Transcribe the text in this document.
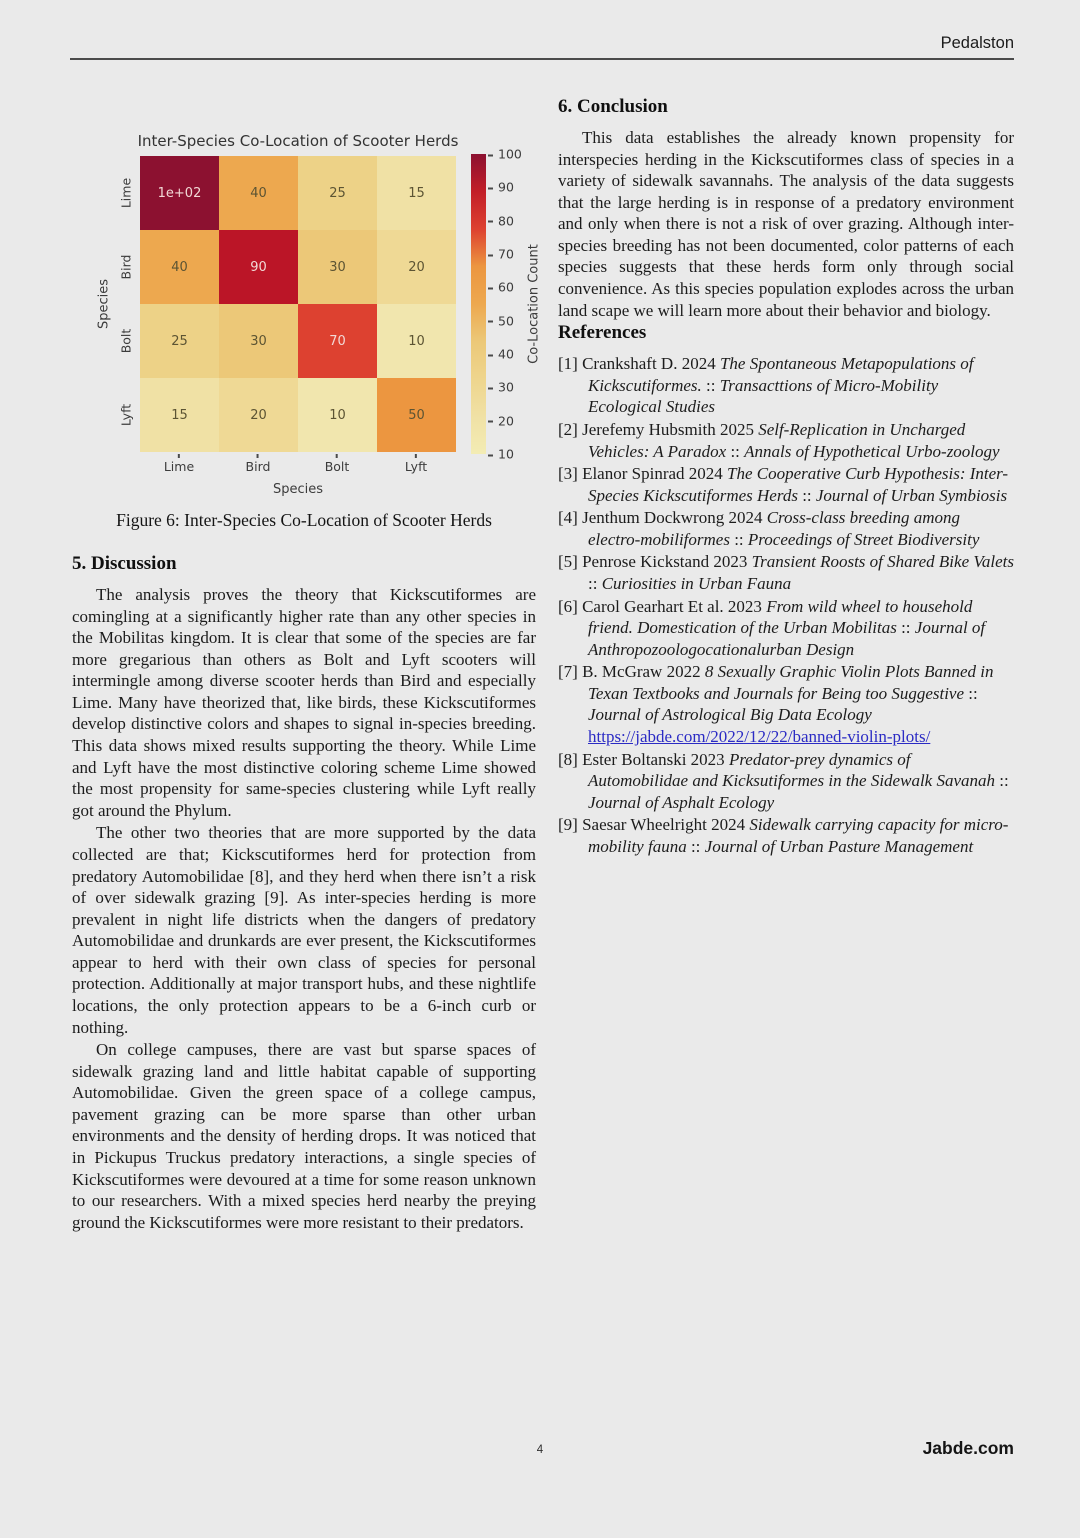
Pedalston
Inter-Species Co-Location of Scooter Herds
Species
1e+02	40	25	15
40	90	30	20
25	30	70	10
15	20	10	50
Co-Location Count
Species
Lime
Lime
Bird
Bird
Bolt
Bolt
Lyft
Lyft
100
90
80
70
60
50
40
30
20
10
Figure 6: Inter-Species Co-Location of Scooter Herds
5. Discussion

The analysis proves the theory that Kickscutiformes are comingling at a significantly higher rate than any other species in the Mobilitas kingdom. It is clear that some of the species are far more gregarious than others as Bolt and Lyft scooters will intermingle among diverse scooter herds than Bird and especially Lime. Many have theorized that, like birds, these Kickscutiformes develop distinctive colors and shapes to signal in-species breeding. This data shows mixed results supporting the theory. While Lime and Lyft have the most distinctive coloring scheme Lime showed the most propensity for same-species clustering while Lyft really got around the Phylum.

The other two theories that are more supported by the data collected are that; Kickscutiformes herd for protection from predatory Automobilidae [8], and they herd when there isn’t a risk of over sidewalk grazing [9]. As inter-species herding is more prevalent in night life districts when the dangers of predatory Automobilidae and drunkards are ever present, the Kickscutiformes appear to herd with their own class of species for personal protection. Additionally at major transport hubs, and these nightlife locations, the only protection appears to be a 6-inch curb or nothing.

On college campuses, there are vast but sparse spaces of sidewalk grazing land and little habitat capable of supporting Automobilidae. Given the green space of a college campus, pavement grazing can be more sparse than other urban environments and the density of herding drops. It was noticed that in Pickupus Truckus predatory interactions, a single species of Kickscutiformes were devoured at a time for some reason unknown to our researchers. With a mixed species herd nearby the preying ground the Kickscutiformes were more resistant to their predators.

6. Conclusion

This data establishes the already known propensity for interspecies herding in the Kickscutiformes class of species in a variety of sidewalk savannahs. The analysis of the data suggests that the large herding is in response of a predatory environment and only when there is not a risk of over grazing. Although inter-species breeding has not been documented, color patterns of each species suggests that these herds form only through social convenience. As this species population explodes across the urban land scape we will learn more about their behavior and biology.

References
[1] Crankshaft D. 2024 The Spontaneous Metapopulations of Kickscutiformes. :: Transacttions of Micro-Mobility Ecological Studies
[2] Jerefemy Hubsmith 2025 Self-Replication in Uncharged Vehicles: A Paradox :: Annals of Hypothetical Urbo-zoology
[3] Elanor Spinrad 2024 The Cooperative Curb Hypothesis: Inter-Species Kickscutiformes Herds :: Journal of Urban Symbiosis
[4] Jenthum Dockwrong 2024 Cross-class breeding among electro-mobiliformes :: Proceedings of Street Biodiversity
[5] Penrose Kickstand 2023 Transient Roosts of Shared Bike Valets :: Curiosities in Urban Fauna
[6] Carol Gearhart Et al. 2023 From wild wheel to household friend. Domestication of the Urban Mobilitas :: Journal of Anthropozoologocationalurban Design
[7] B. McGraw 2022 8 Sexually Graphic Violin Plots Banned in Texan Textbooks and Journals for Being too Suggestive :: Journal of Astrological Big Data Ecology
https://jabde.com/2022/12/22/banned-violin-plots/
[8] Ester Boltanski 2023 Predator-prey dynamics of Automobilidae and Kicksutiformes in the Sidewalk Savanah :: Journal of Asphalt Ecology
[9] Saesar Wheelright 2024 Sidewalk carrying capacity for micro-mobility fauna :: Journal of Urban Pasture Management
4	Jabde.com
